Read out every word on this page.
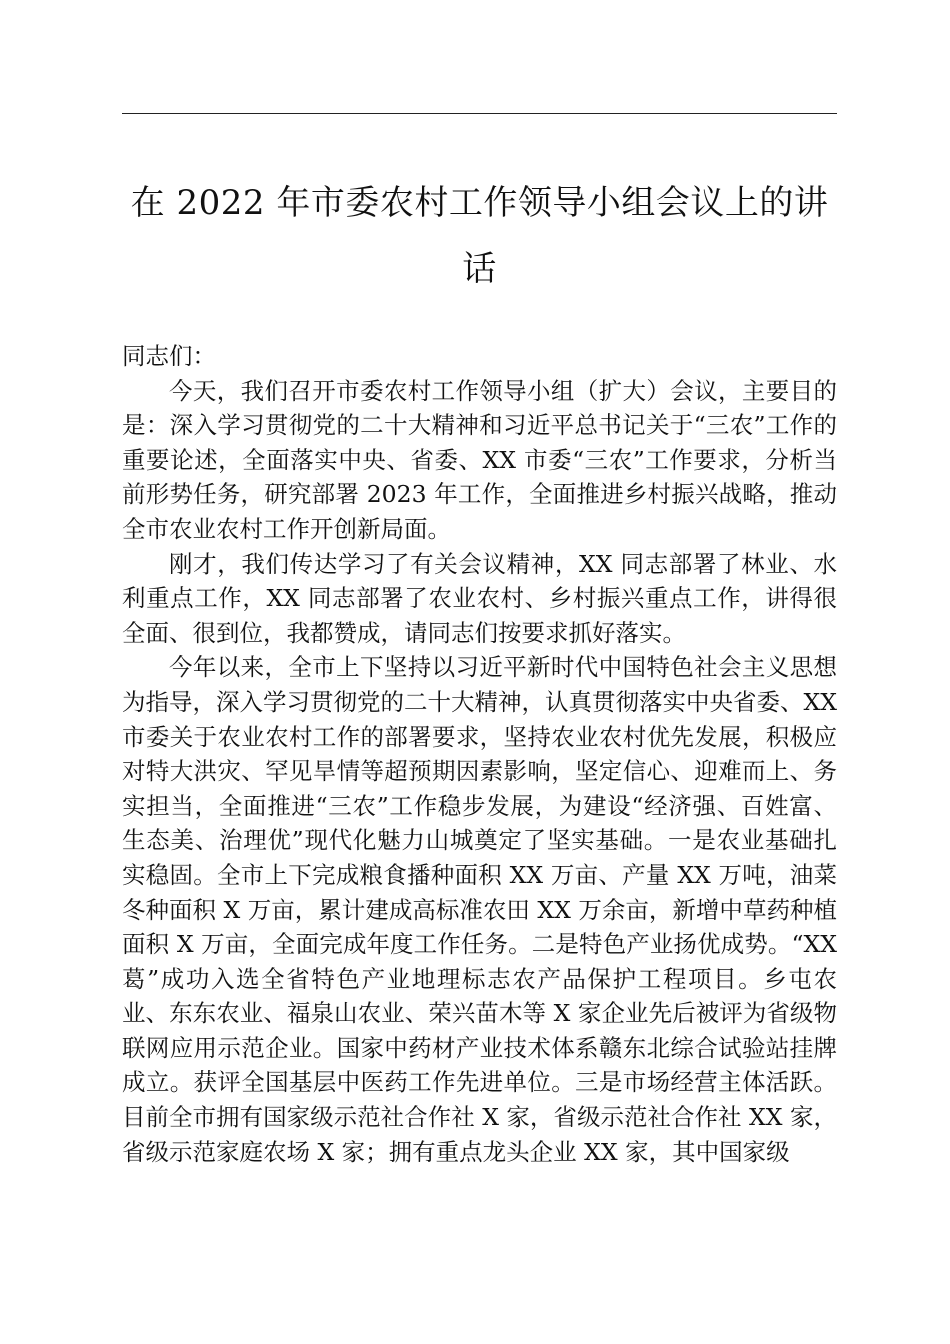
在 2022 年市委农村工作领导小组会议上的讲话

同志们：

今天，我们召开市委农村工作领导小组（扩大）会议，主要目的是：深入学习贯彻党的二十大精神和习近平总书记关于“三农”工作的重要论述，全面落实中央、省委、XX 市委“三农”工作要求，分析当前形势任务，研究部署 2023 年工作，全面推进乡村振兴战略，推动全市农业农村工作开创新局面。

刚才，我们传达学习了有关会议精神，XX 同志部署了林业、水利重点工作，XX 同志部署了农业农村、乡村振兴重点工作，讲得很全面、很到位，我都赞成，请同志们按要求抓好落实。

今年以来，全市上下坚持以习近平新时代中国特色社会主义思想为指导，深入学习贯彻党的二十大精神，认真贯彻落实中央省委、XX 市委关于农业农村工作的部署要求，坚持农业农村优先发展，积极应对特大洪灾、罕见旱情等超预期因素影响，坚定信心、迎难而上、务实担当，全面推进“三农”工作稳步发展，为建设“经济强、百姓富、生态美、治理优”现代化魅力山城奠定了坚实基础。一是农业基础扎实稳固。全市上下完成粮食播种面积 XX 万亩、产量 XX 万吨，油菜冬种面积 X 万亩，累计建成高标准农田 XX 万余亩，新增中草药种植面积 X 万亩，全面完成年度工作任务。二是特色产业扬优成势。“XX 葛”成功入选全省特色产业地理标志农产品保护工程项目。乡屯农业、东东农业、福泉山农业、荣兴苗木等 X 家企业先后被评为省级物联网应用示范企业。国家中药材产业技术体系赣东北综合试验站挂牌成立。获评全国基层中医药工作先进单位。三是市场经营主体活跃。目前全市拥有国家级示范社合作社 X 家，省级示范社合作社 XX 家，省级示范家庭农场 X 家；拥有重点龙头企业 XX 家，其中国家级
